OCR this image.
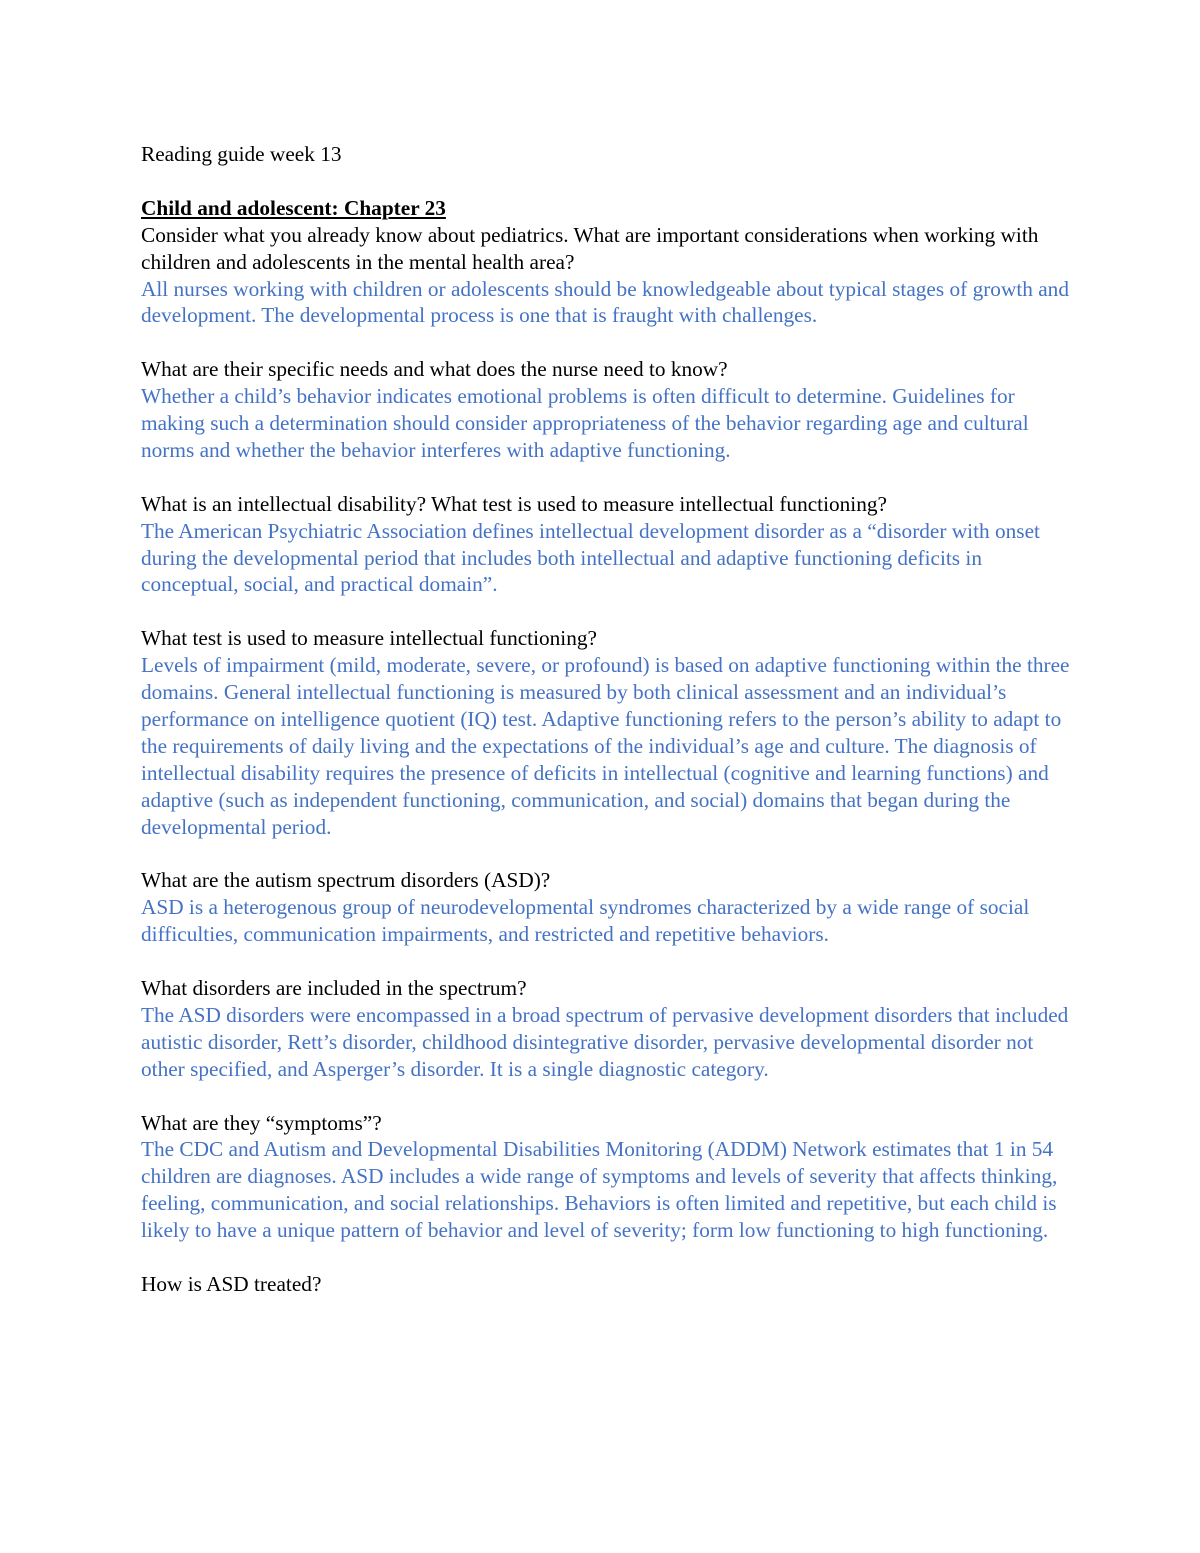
Reading guide week 13

Child and adolescent: Chapter 23

Consider what you already know about pediatrics. What are important considerations when working with children and adolescents in the mental health area?

All nurses working with children or adolescents should be knowledgeable about typical stages of growth and development. The developmental process is one that is fraught with challenges.

What are their specific needs and what does the nurse need to know?

Whether a child’s behavior indicates emotional problems is often difficult to determine. Guidelines for making such a determination should consider appropriateness of the behavior regarding age and cultural norms and whether the behavior interferes with adaptive functioning.

What is an intellectual disability? What test is used to measure intellectual functioning?

The American Psychiatric Association defines intellectual development disorder as a “disorder with onset during the developmental period that includes both intellectual and adaptive functioning deficits in conceptual, social, and practical domain”.

What test is used to measure intellectual functioning?

Levels of impairment (mild, moderate, severe, or profound) is based on adaptive functioning within the three domains. General intellectual functioning is measured by both clinical assessment and an individual’s performance on intelligence quotient (IQ) test. Adaptive functioning refers to the person’s ability to adapt to the requirements of daily living and the expectations of the individual’s age and culture. The diagnosis of intellectual disability requires the presence of deficits in intellectual (cognitive and learning functions) and adaptive (such as independent functioning, communication, and social) domains that began during the developmental period.

What are the autism spectrum disorders (ASD)?

ASD is a heterogenous group of neurodevelopmental syndromes characterized by a wide range of social difficulties, communication impairments, and restricted and repetitive behaviors.

What disorders are included in the spectrum?

The ASD disorders were encompassed in a broad spectrum of pervasive development disorders that included autistic disorder, Rett’s disorder, childhood disintegrative disorder, pervasive developmental disorder not other specified, and Asperger’s disorder. It is a single diagnostic category.

What are they “symptoms”?

The CDC and Autism and Developmental Disabilities Monitoring (ADDM) Network estimates that 1 in 54 children are diagnoses. ASD includes a wide range of symptoms and levels of severity that affects thinking, feeling, communication, and social relationships. Behaviors is often limited and repetitive, but each child is likely to have a unique pattern of behavior and level of severity; form low functioning to high functioning.

How is ASD treated?
